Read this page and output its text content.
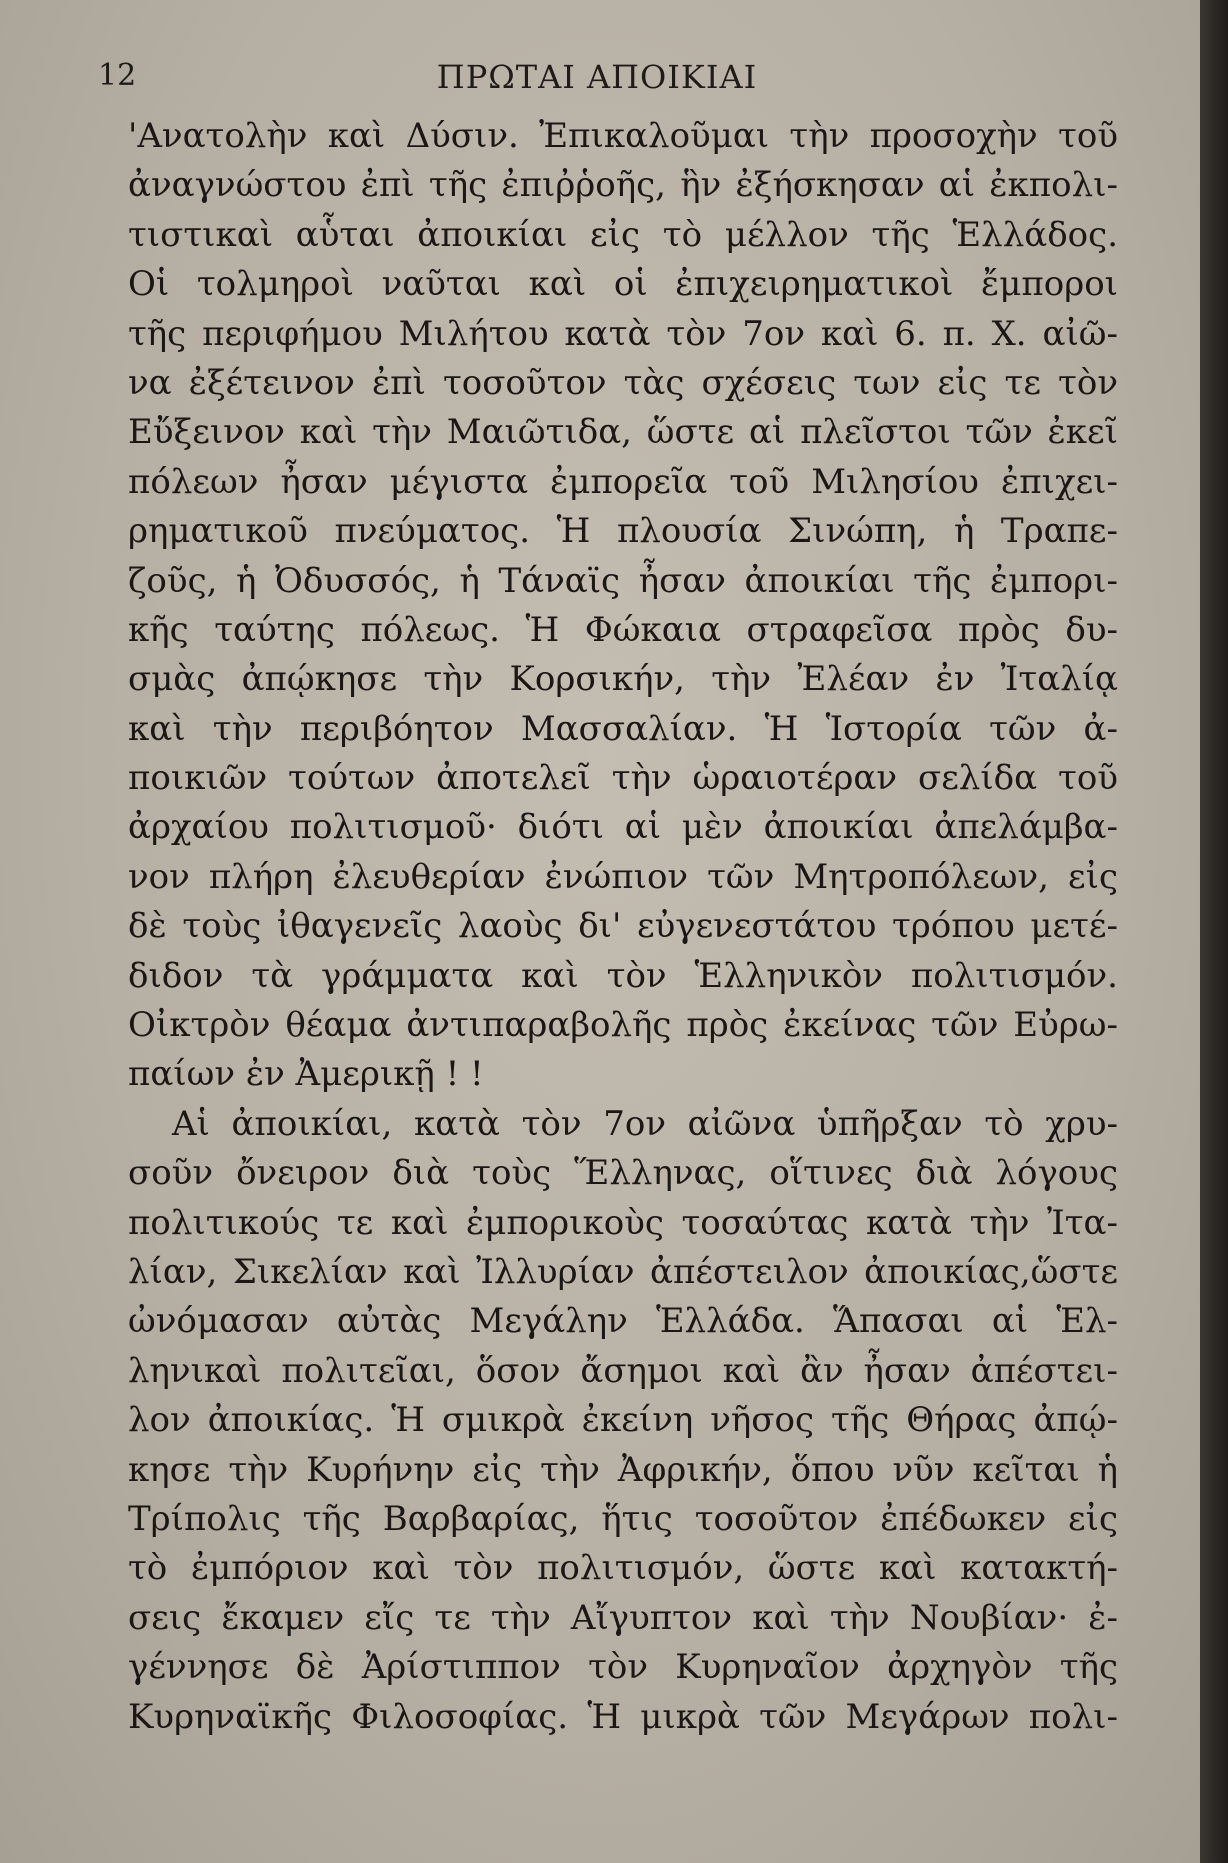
12	ΠΡΩΤΑΙ ΑΠΟΙΚΙΑΙ
'Ανατολὴν καὶ Δύσιν. Ἐπικαλοῦμαι τὴν προσοχὴν τοῦ
ἀναγνώστου ἐπὶ τῆς ἐπιῤῥοῆς, ἣν ἐξήσκησαν αἱ ἐκπολι-
τιστικαὶ αὗται ἀποικίαι εἰς τὸ μέλλον τῆς Ἑλλάδος.
Οἱ τολμηροὶ ναῦται καὶ οἱ ἐπιχειρηματικοὶ ἔμποροι
τῆς περιφήμου Μιλήτου κατὰ τὸν 7ον καὶ 6. π. Χ. αἰῶ-
να ἐξέτεινον ἐπὶ τοσοῦτον τὰς σχέσεις των εἰς τε τὸν
Εὔξεινον καὶ τὴν Μαιῶτιδα, ὥστε αἱ πλεῖστοι τῶν ἐκεῖ
πόλεων ἦσαν μέγιστα ἐμπορεῖα τοῦ Μιλησίου ἐπιχει-
ρηματικοῦ πνεύματος. Ἡ πλουσία Σινώπη, ἡ Τραπε-
ζοῦς, ἡ Ὀδυσσός, ἡ Τάναϊς ἦσαν ἀποικίαι τῆς ἐμπορι-
κῆς ταύτης πόλεως. Ἡ Φώκαια στραφεῖσα πρὸς δυ-
σμὰς ἀπῴκησε τὴν Κορσικήν, τὴν Ἐλέαν ἐν Ἰταλίᾳ
καὶ τὴν περιβόητον Μασσαλίαν. Ἡ Ἱστορία τῶν ἀ-
ποικιῶν τούτων ἀποτελεῖ τὴν ὡραιοτέραν σελίδα τοῦ
ἀρχαίου πολιτισμοῦ· διότι αἱ μὲν ἀποικίαι ἀπελάμβα-
νον πλήρη ἐλευθερίαν ἐνώπιον τῶν Μητροπόλεων, εἰς
δὲ τοὺς ἰθαγενεῖς λαοὺς δι' εὐγενεστάτου τρόπου μετέ-
διδον τὰ γράμματα καὶ τὸν Ἑλληνικὸν πολιτισμόν.
Οἰκτρὸν θέαμα ἀντιπαραβολῆς πρὸς ἐκείνας τῶν Εὐρω-
παίων ἐν Ἀμερικῇ ! !
Αἱ ἀποικίαι, κατὰ τὸν 7ον αἰῶνα ὑπῆρξαν τὸ χρυ-
σοῦν ὄνειρον διὰ τοὺς Ἕλληνας, οἵτινες διὰ λόγους
πολιτικούς τε καὶ ἐμπορικοὺς τοσαύτας κατὰ τὴν Ἰτα-
λίαν, Σικελίαν καὶ Ἰλλυρίαν ἀπέστειλον ἀποικίας,ὥστε
ὠνόμασαν αὐτὰς Μεγάλην Ἑλλάδα. Ἅπασαι αἱ Ἑλ-
ληνικαὶ πολιτεῖαι, ὅσον ἄσημοι καὶ ἂν ἦσαν ἀπέστει-
λον ἀποικίας. Ἡ σμικρὰ ἐκείνη νῆσος τῆς Θήρας ἀπῴ-
κησε τὴν Κυρήνην εἰς τὴν Ἀφρικήν, ὅπου νῦν κεῖται ἡ
Τρίπολις τῆς Βαρβαρίας, ἥτις τοσοῦτον ἐπέδωκεν εἰς
τὸ ἐμπόριον καὶ τὸν πολιτισμόν, ὥστε καὶ κατακτή-
σεις ἔκαμεν εἴς τε τὴν Αἴγυπτον καὶ τὴν Νουβίαν· ἐ-
γέννησε δὲ Ἀρίστιππον τὸν Κυρηναῖον ἀρχηγὸν τῆς
Κυρηναϊκῆς Φιλοσοφίας. Ἡ μικρὰ τῶν Μεγάρων πολι-
